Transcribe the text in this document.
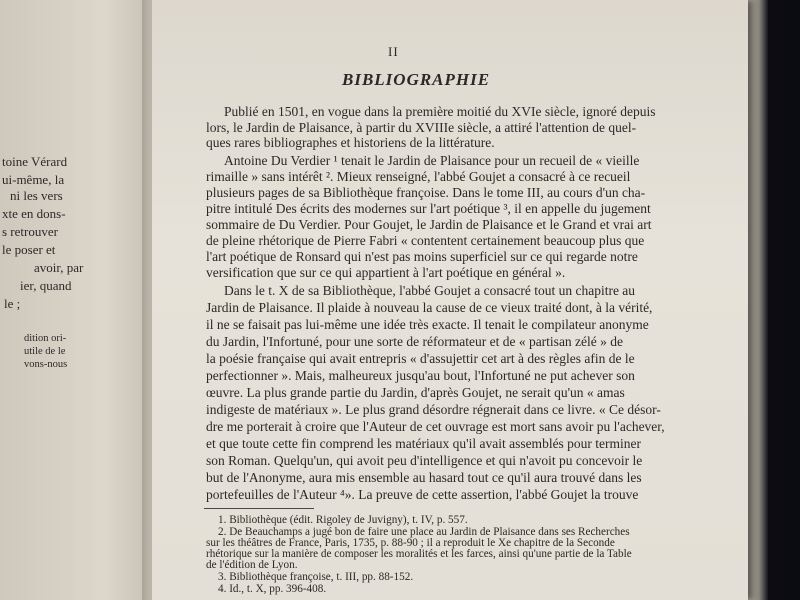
toine Vérard
ui-même, la
ni les vers
xte en dons-
s retrouver
le poser et
avoir, par
ier, quand
le ;
dition ori-
utile de le
vons-nous
II
BIBLIOGRAPHIE
Publié en 1501, en vogue dans la première moitié du XVIe siècle, ignoré depuis
lors, le Jardin de Plaisance, à partir du XVIIIe siècle, a attiré l'attention de quel-
ques rares bibliographes et historiens de la littérature.
Antoine Du Verdier ¹ tenait le Jardin de Plaisance pour un recueil de « vieille
rimaille » sans intérêt ². Mieux renseigné, l'abbé Goujet a consacré à ce recueil
plusieurs pages de sa Bibliothèque françoise. Dans le tome III, au cours d'un cha-
pitre intitulé Des écrits des modernes sur l'art poétique ³, il en appelle du jugement
sommaire de Du Verdier. Pour Goujet, le Jardin de Plaisance et le Grand et vrai art
de pleine rhétorique de Pierre Fabri « contentent certainement beaucoup plus que
l'art poétique de Ronsard qui n'est pas moins superficiel sur ce qui regarde notre
versification que sur ce qui appartient à l'art poétique en général ».
Dans le t. X de sa Bibliothèque, l'abbé Goujet a consacré tout un chapitre au
Jardin de Plaisance. Il plaide à nouveau la cause de ce vieux traité dont, à la vérité,
il ne se faisait pas lui-même une idée très exacte. Il tenait le compilateur anonyme
du Jardin, l'Infortuné, pour une sorte de réformateur et de « partisan zélé » de
la poésie française qui avait entrepris « d'assujettir cet art à des règles afin de le
perfectionner ». Mais, malheureux jusqu'au bout, l'Infortuné ne put achever son
œuvre. La plus grande partie du Jardin, d'après Goujet, ne serait qu'un « amas
indigeste de matériaux ». Le plus grand désordre régnerait dans ce livre. « Ce désor-
dre me porterait à croire que l'Auteur de cet ouvrage est mort sans avoir pu l'achever,
et que toute cette fin comprend les matériaux qu'il avait assemblés pour terminer
son Roman. Quelqu'un, qui avoit peu d'intelligence et qui n'avoit pu concevoir le
but de l'Anonyme, aura mis ensemble au hasard tout ce qu'il aura trouvé dans les
portefeuilles de l'Auteur ⁴». La preuve de cette assertion, l'abbé Goujet la trouve
1. Bibliothèque (édit. Rigoley de Juvigny), t. IV, p. 557.
2. De Beauchamps a jugé bon de faire une place au Jardin de Plaisance dans ses Recherches
sur les théâtres de France, Paris, 1735, p. 88-90 ; il a reproduit le Xe chapitre de la Seconde
rhétorique sur la manière de composer les moralités et les farces, ainsi qu'une partie de la Table
de l'édition de Lyon.
3. Bibliothèque françoise, t. III, pp. 88-152.
4. Id., t. X, pp. 396-408.
